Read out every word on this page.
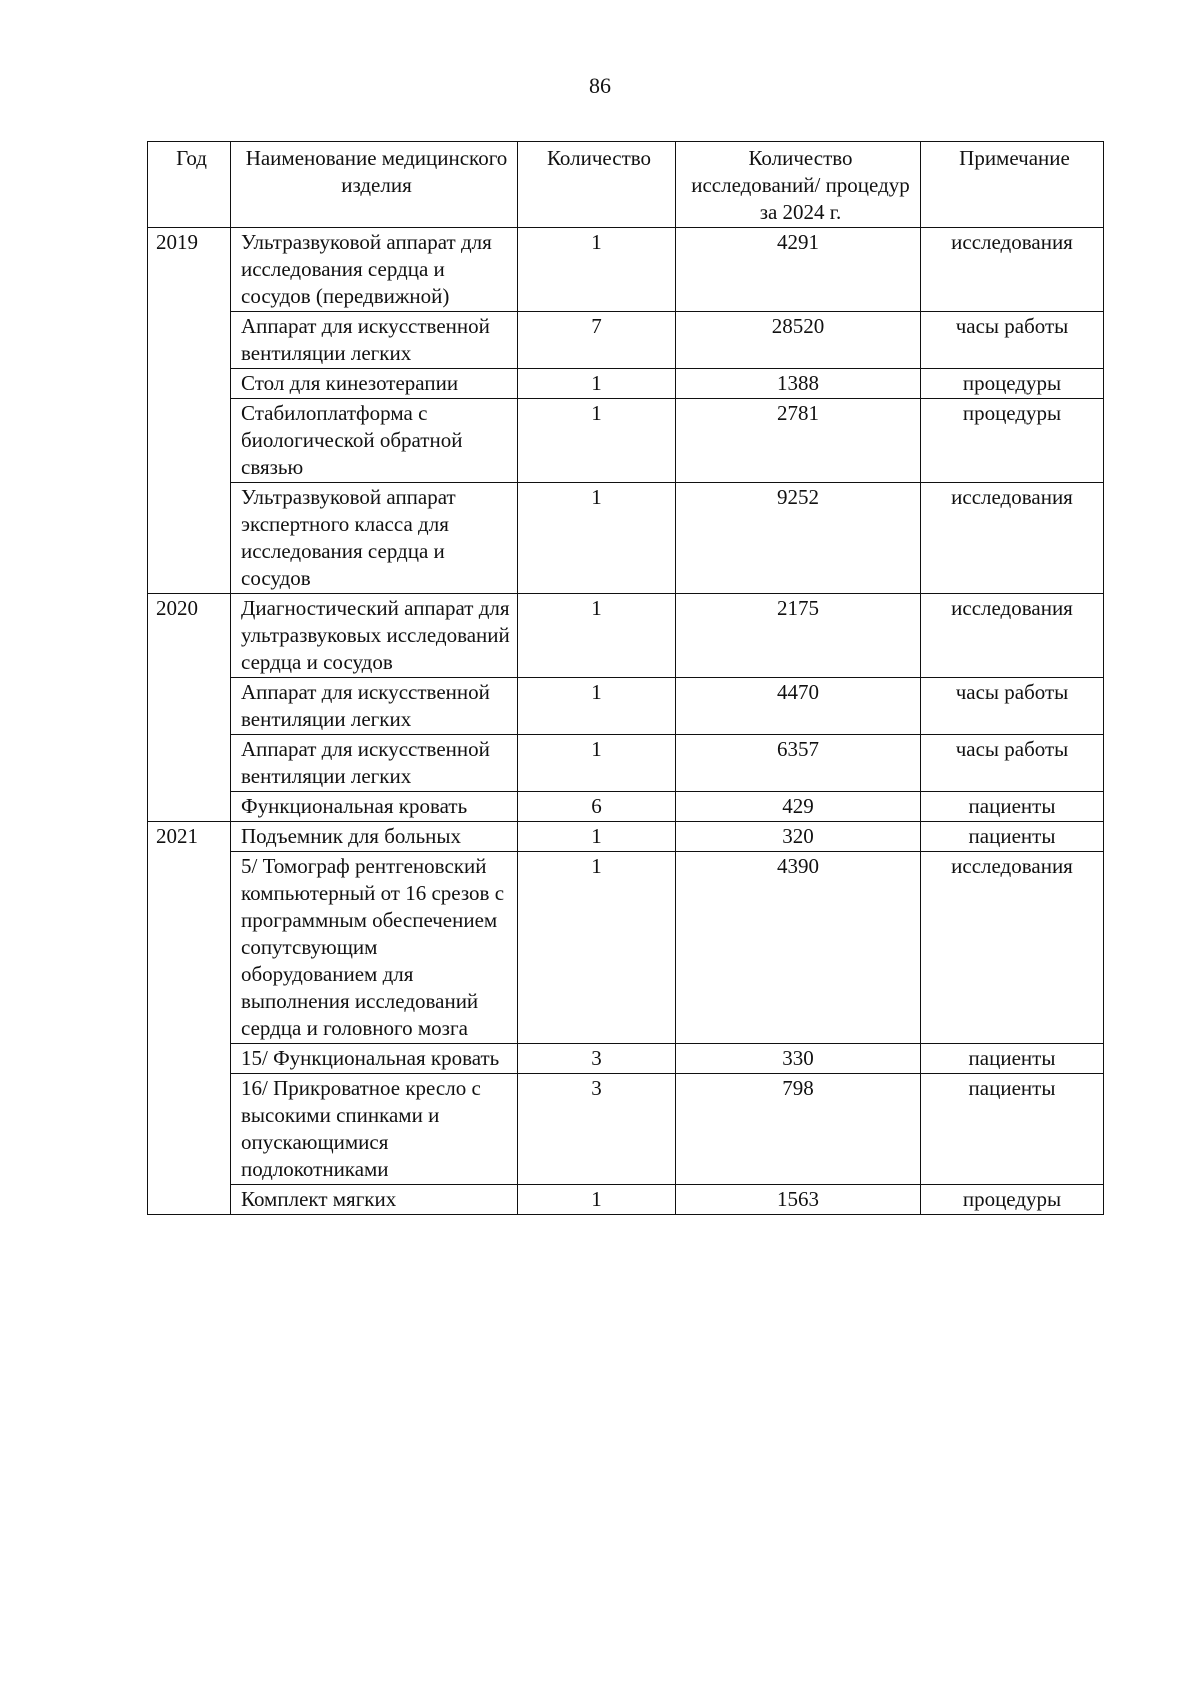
86
Год	Наименование медицинского изделия	Количество	Количество исследований/ процедур за 2024 г.	Примечание
2019	Ультразвуковой аппарат для исследования сердца и сосудов (передвижной)	1	4291	исследования
	Аппарат для искусственной вентиляции легких	7	28520	часы работы
	Стол для кинезотерапии	1	1388	процедуры
	Стабилоплатформа с биологической обратной связью	1	2781	процедуры
	Ультразвуковой аппарат экспертного класса для исследования сердца и сосудов	1	9252	исследования
2020	Диагностический аппарат для ультразвуковых исследований сердца и сосудов	1	2175	исследования
	Аппарат для искусственной вентиляции легких	1	4470	часы работы
	Аппарат для искусственной вентиляции легких	1	6357	часы работы
	Функциональная кровать	6	429	пациенты
2021	Подъемник для больных	1	320	пациенты
	5/ Томограф рентгеновский компьютерный от 16 срезов с программным обеспечением сопутсвующим оборудованием для выполнения исследований сердца и головного мозга	1	4390	исследования
	15/ Функциональная кровать	3	330	пациенты
	16/ Прикроватное кресло с высокими спинками и опускающимися подлокотниками	3	798	пациенты
	Комплект мягких	1	1563	процедуры
